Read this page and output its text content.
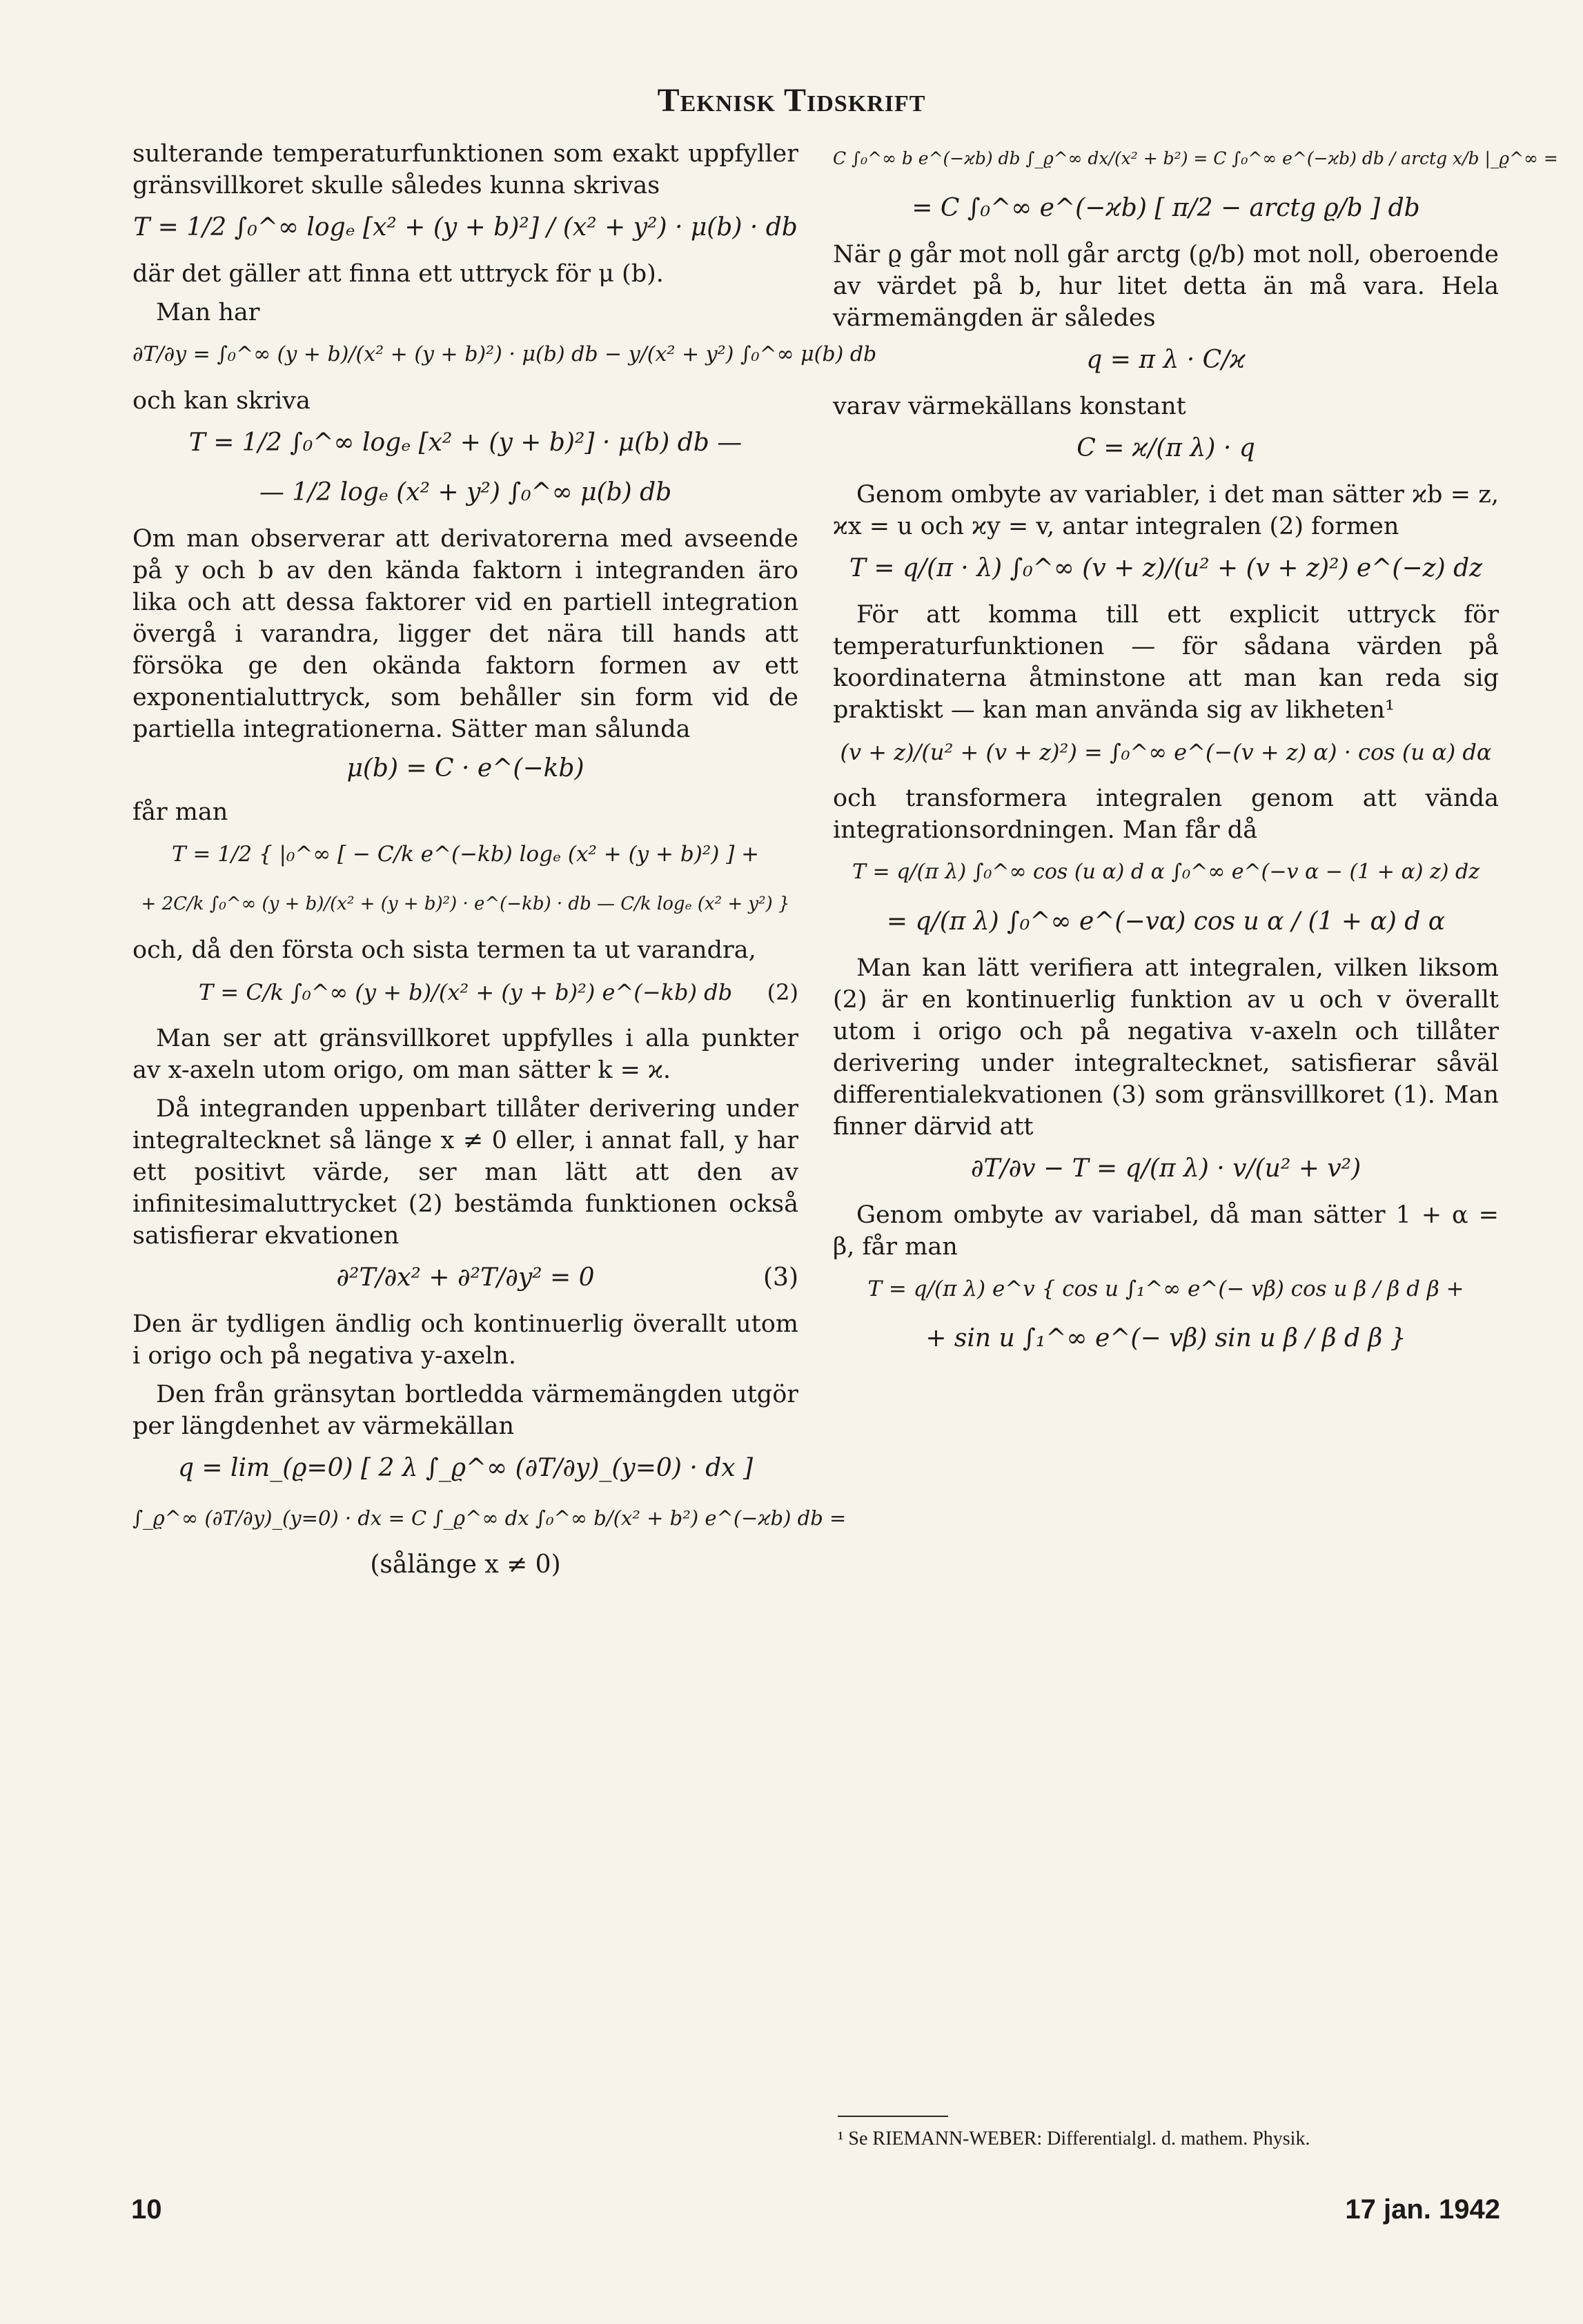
Teknisk Tidskrift

sulterande temperaturfunktionen som exakt uppfyller gränsvillkoret skulle således kunna skrivas

T = 1/2 ∫₀^∞ logₑ [x² + (y + b)²] / (x² + y²) · μ(b) · db

där det gäller att finna ett uttryck för μ (b).

Man har

∂T/∂y = ∫₀^∞ (y + b)/(x² + (y + b)²) · μ(b) db − y/(x² + y²) ∫₀^∞ μ(b) db

och kan skriva

T = 1/2 ∫₀^∞ logₑ [x² + (y + b)²] · μ(b) db —
— 1/2 logₑ (x² + y²) ∫₀^∞ μ(b) db

Om man observerar att derivatorerna med avseende på y och b av den kända faktorn i integranden äro lika och att dessa faktorer vid en partiell integration övergå i varandra, ligger det nära till hands att försöka ge den okända faktorn formen av ett exponentialuttryck, som behåller sin form vid de partiella integrationerna. Sätter man sålunda

μ(b) = C · e^(−kb)

får man

T = 1/2 { |₀^∞ [ − C/k e^(−kb) logₑ (x² + (y + b)²) ] +
+ 2C/k ∫₀^∞ (y + b)/(x² + (y + b)²) · e^(−kb) · db — C/k logₑ (x² + y²) }

och, då den första och sista termen ta ut varandra,

T = C/k ∫₀^∞ (y + b)/(x² + (y + b)²) e^(−kb) db (2)

Man ser att gränsvillkoret uppfylles i alla punkter av x-axeln utom origo, om man sätter k = ϰ.

Då integranden uppenbart tillåter derivering under integraltecknet så länge x ≠ 0 eller, i annat fall, y har ett positivt värde, ser man lätt att den av infinitesimaluttrycket (2) bestämda funktionen också satisfierar ekvationen

∂²T/∂x² + ∂²T/∂y² = 0	(3)

Den är tydligen ändlig och kontinuerlig överallt utom i origo och på negativa y-axeln.

Den från gränsytan bortledda värmemängden utgör per längdenhet av värmekällan

q = lim_(ϱ=0) [ 2 λ ∫_ϱ^∞ (∂T/∂y)_(y=0) · dx ]
∫_ϱ^∞ (∂T/∂y)_(y=0) · dx = C ∫_ϱ^∞ dx ∫₀^∞ b/(x² + b²) e^(−ϰb) db =
(sålänge x ≠ 0)
C ∫₀^∞ b e^(−ϰb) db ∫_ϱ^∞ dx/(x² + b²) = C ∫₀^∞ e^(−ϰb) db / arctg x/b |_ϱ^∞ =
= C ∫₀^∞ e^(−ϰb) [ π/2 − arctg ϱ/b ] db

När ϱ går mot noll går arctg (ϱ/b) mot noll, oberoende av värdet på b, hur litet detta än må vara. Hela värmemängden är således

q = π λ · C/ϰ

varav värmekällans konstant

C = ϰ/(π λ) · q

Genom ombyte av variabler, i det man sätter ϰb = z, ϰx = u och ϰy = v, antar integralen (2) formen

T = q/(π · λ) ∫₀^∞ (v + z)/(u² + (v + z)²) e^(−z) dz

För att komma till ett explicit uttryck för temperaturfunktionen — för sådana värden på koordinaterna åtminstone att man kan reda sig praktiskt — kan man använda sig av likheten¹

(v + z)/(u² + (v + z)²) = ∫₀^∞ e^(−(v + z) α) · cos (u α) dα

och transformera integralen genom att vända integrationsordningen. Man får då

T = q/(π λ) ∫₀^∞ cos (u α) d α ∫₀^∞ e^(−v α − (1 + α) z) dz
= q/(π λ) ∫₀^∞ e^(−vα) cos u α / (1 + α) d α

Man kan lätt verifiera att integralen, vilken liksom (2) är en kontinuerlig funktion av u och v överallt utom i origo och på negativa v-axeln och tillåter derivering under integraltecknet, satisfierar såväl differentialekvationen (3) som gränsvillkoret (1). Man finner därvid att

∂T/∂v − T = q/(π λ) · v/(u² + v²)

Genom ombyte av variabel, då man sätter 1 + α = β, får man

T = q/(π λ) e^v { cos u ∫₁^∞ e^(− vβ) cos u β / β d β +
+ sin u ∫₁^∞ e^(− vβ) sin u β / β d β }
¹ Se RIEMANN-WEBER: Differentialgl. d. mathem. Physik.
10	17 jan. 1942
